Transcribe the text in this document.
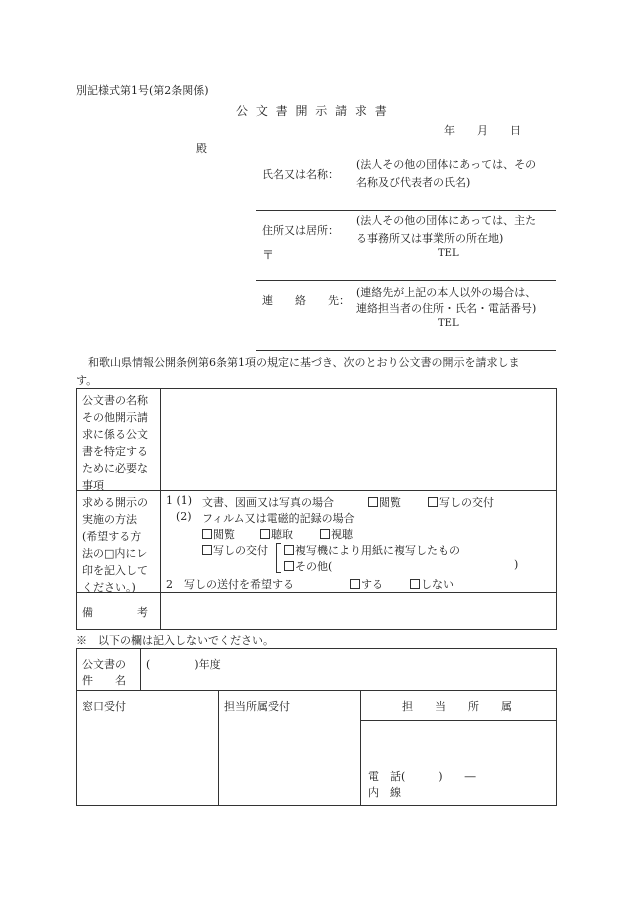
別記様式第1号(第2条関係)
公 文 書 開 示 請 求 書
年　　月　　日
殿
氏名又は名称：
(法人その他の団体にあっては、その
名称及び代表者の氏名)
住所又は居所：
(法人その他の団体にあっては、主た
る事務所又は事業所の所在地)
〒	TEL
連　　絡　　先：
(連絡先が上記の本人以外の場合は、
連絡担当者の住所・氏名・電話番号)
TEL
和歌山県情報公開条例第6条第1項の規定に基づき、次のとおり公文書の開示を請求しま
す。
公文書の名称
その他開示請
求に係る公文
書を特定する
ために必要な
事項
求める開示の
実施の方法
(希望する方
法の□内にレ
印を記入して
ください。)
1 (1) 文書、図画又は写真の場合	閲覧	写しの交付
(2) フィルム又は電磁的記録の場合
閲覧	聴取	視聴
写しの交付	複写機により用紙に複写したもの
その他(	)
2　写しの送付を希望する	する	しない
備　　　　考
※　以下の欄は記入しないでください。
公文書の
件　　名
(　　　　)年度
窓口受付	担当所属受付	担　　当　　所　　属
電　話(　　　)　　―
内　線
